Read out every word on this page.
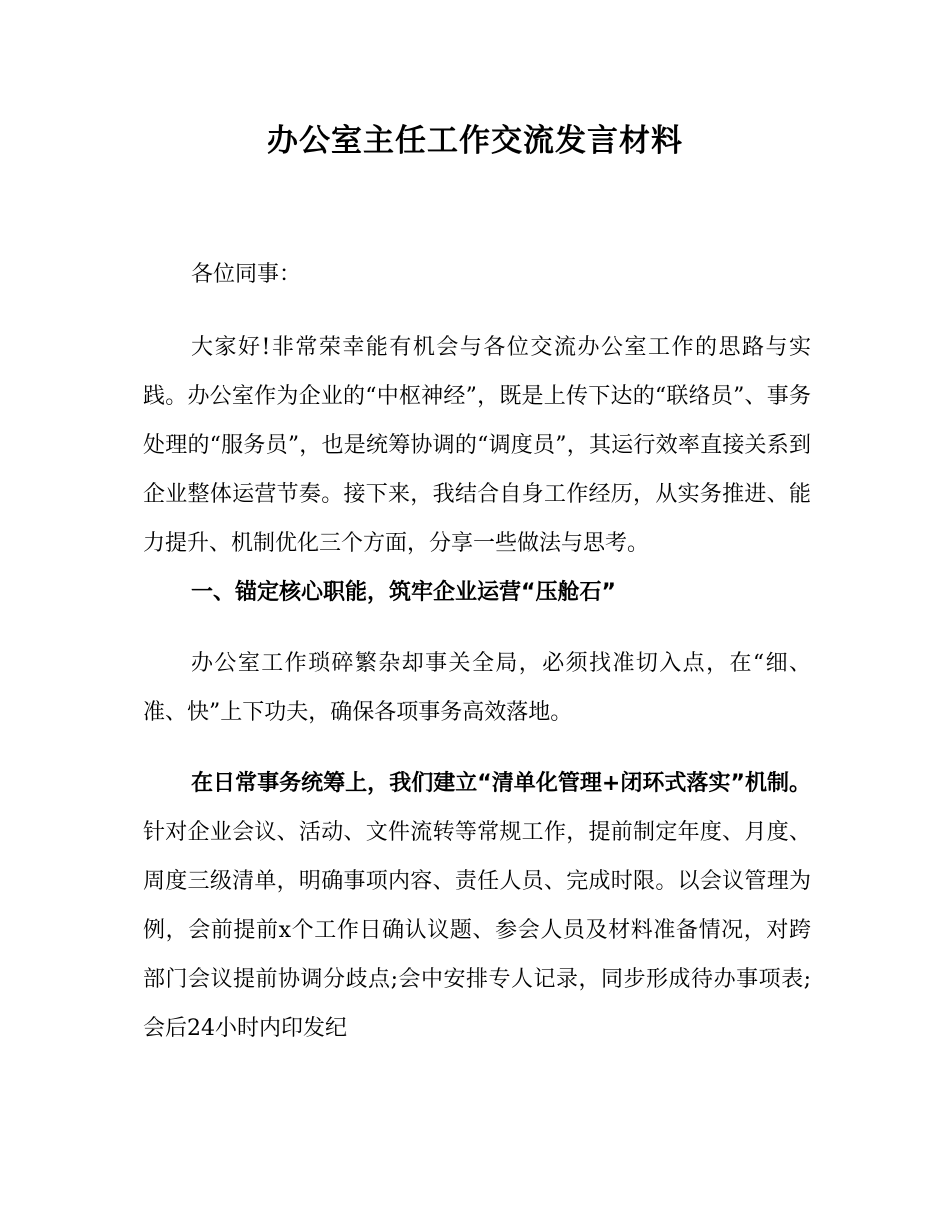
办公室主任工作交流发言材料

各位同事：

大家好!非常荣幸能有机会与各位交流办公室工作的思路与实践。办公室作为企业的“中枢神经”，既是上传下达的“联络员”、事务处理的“服务员”，也是统筹协调的“调度员”，其运行效率直接关系到企业整体运营节奏。接下来，我结合自身工作经历，从实务推进、能力提升、机制优化三个方面，分享一些做法与思考。

一、锚定核心职能，筑牢企业运营“压舱石”

办公室工作琐碎繁杂却事关全局，必须找准切入点，在“细、准、快”上下功夫，确保各项事务高效落地。

在日常事务统筹上，我们建立“清单化管理+闭环式落实”机制。针对企业会议、活动、文件流转等常规工作，提前制定年度、月度、周度三级清单，明确事项内容、责任人员、完成时限。以会议管理为例，会前提前x个工作日确认议题、参会人员及材料准备情况，对跨部门会议提前协调分歧点;会中安排专人记录，同步形成待办事项表;会后24小时内印发纪
